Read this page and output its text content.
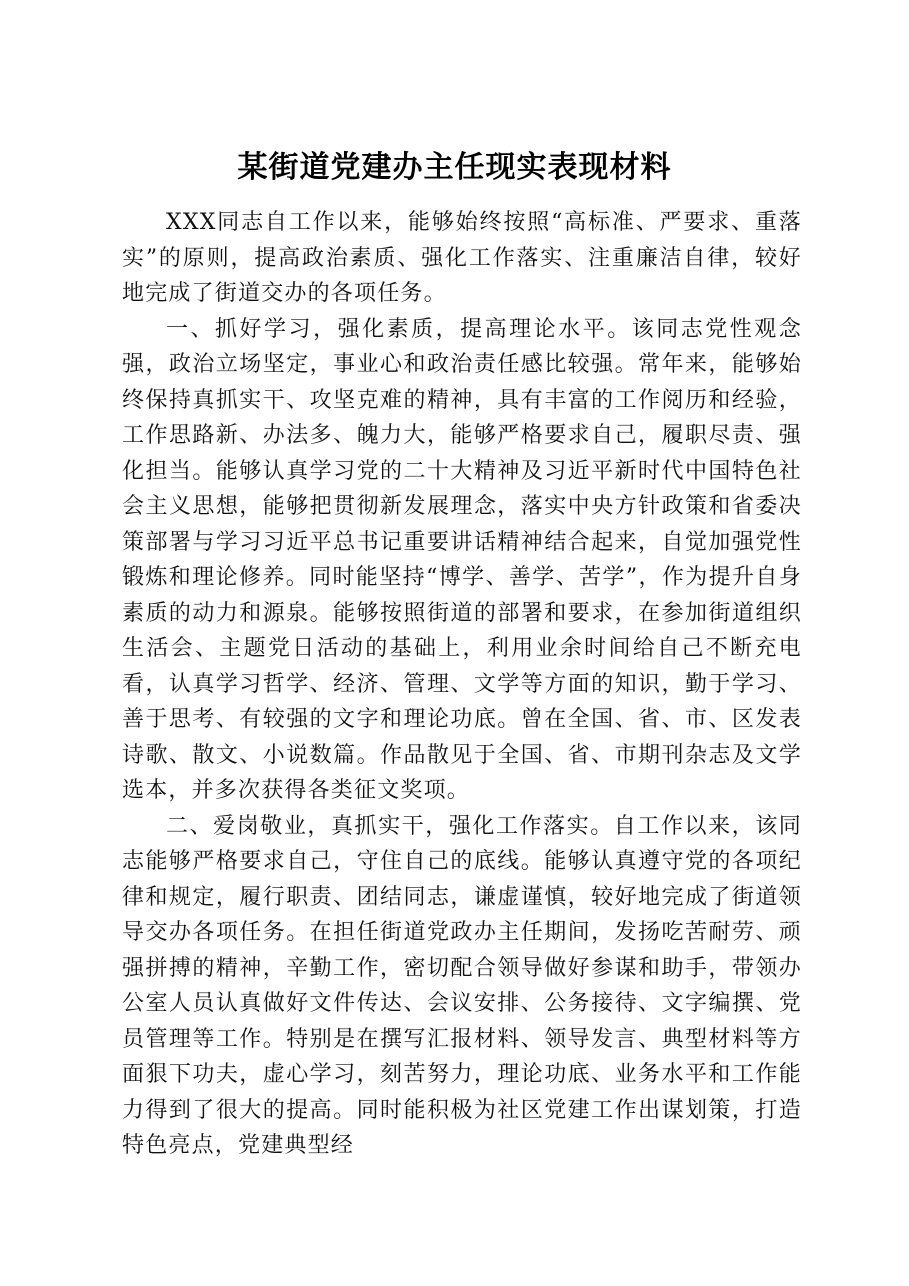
某街道党建办主任现实表现材料

XXX同志自工作以来，能够始终按照“高标准、严要求、重落实”的原则，提高政治素质、强化工作落实、注重廉洁自律，较好地完成了街道交办的各项任务。

一、抓好学习，强化素质，提高理论水平。该同志党性观念强，政治立场坚定，事业心和政治责任感比较强。常年来，能够始终保持真抓实干、攻坚克难的精神，具有丰富的工作阅历和经验，工作思路新、办法多、魄力大，能够严格要求自己，履职尽责、强化担当。能够认真学习党的二十大精神及习近平新时代中国特色社会主义思想，能够把贯彻新发展理念，落实中央方针政策和省委决策部署与学习习近平总书记重要讲话精神结合起来，自觉加强党性锻炼和理论修养。同时能坚持“博学、善学、苦学”，作为提升自身素质的动力和源泉。能够按照街道的部署和要求，在参加街道组织生活会、主题党日活动的基础上，利用业余时间给自己不断充电看，认真学习哲学、经济、管理、文学等方面的知识，勤于学习、善于思考、有较强的文字和理论功底。曾在全国、省、市、区发表诗歌、散文、小说数篇。作品散见于全国、省、市期刊杂志及文学选本，并多次获得各类征文奖项。

二、爱岗敬业，真抓实干，强化工作落实。自工作以来，该同志能够严格要求自己，守住自己的底线。能够认真遵守党的各项纪律和规定，履行职责、团结同志，谦虚谨慎，较好地完成了街道领导交办各项任务。在担任街道党政办主任期间，发扬吃苦耐劳、顽强拼搏的精神，辛勤工作，密切配合领导做好参谋和助手，带领办公室人员认真做好文件传达、会议安排、公务接待、文字编撰、党员管理等工作。特别是在撰写汇报材料、领导发言、典型材料等方面狠下功夫，虚心学习，刻苦努力，理论功底、业务水平和工作能力得到了很大的提高。同时能积极为社区党建工作出谋划策，打造特色亮点，党建典型经
